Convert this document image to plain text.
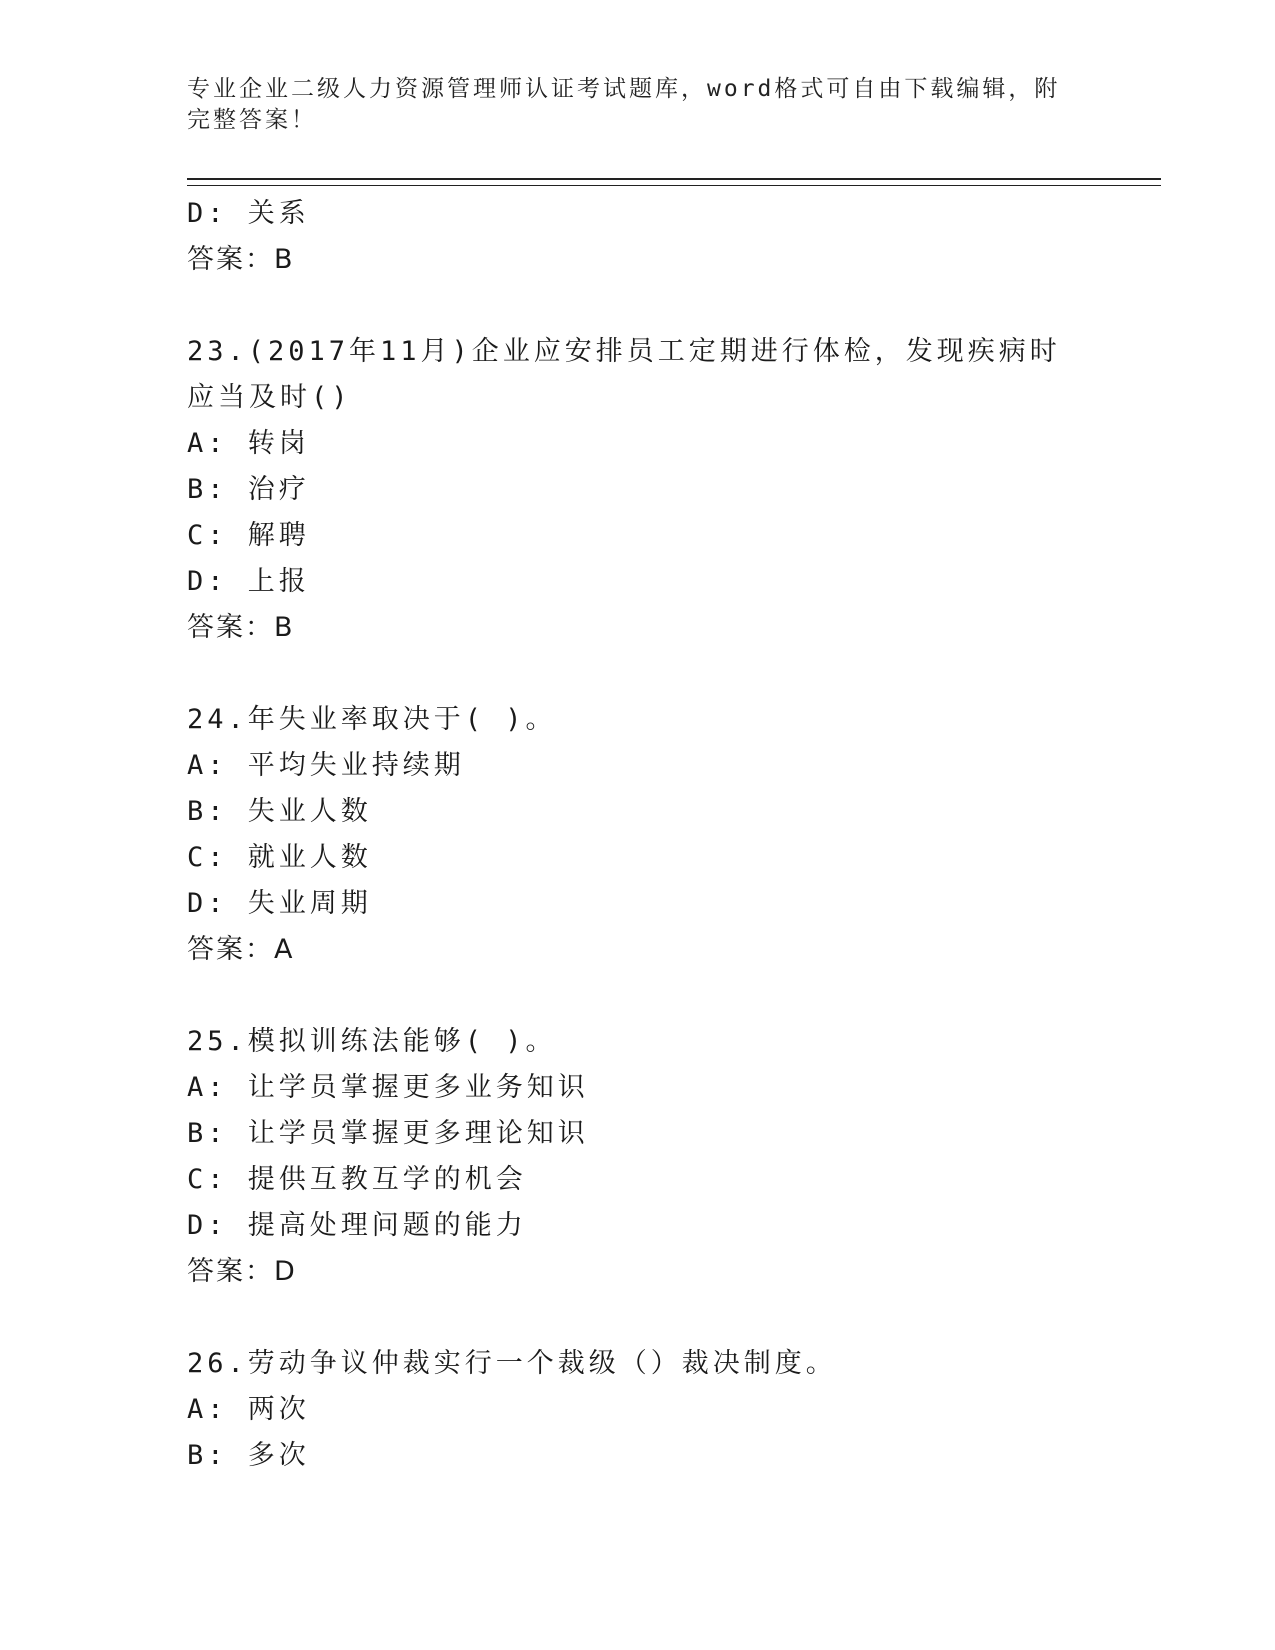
专业企业二级人力资源管理师认证考试题库，word格式可自由下载编辑，附完整答案！
D: 关系
答案：B
23.(2017年11月)企业应安排员工定期进行体检，发现疾病时应当及时()
A: 转岗
B: 治疗
C: 解聘
D: 上报
答案：B
24.年失业率取决于( )。
A: 平均失业持续期
B: 失业人数
C: 就业人数
D: 失业周期
答案：A
25.模拟训练法能够( )。
A: 让学员掌握更多业务知识
B: 让学员掌握更多理论知识
C: 提供互教互学的机会
D: 提高处理问题的能力
答案：D
26.劳动争议仲裁实行一个裁级（）裁决制度。
A: 两次
B: 多次
